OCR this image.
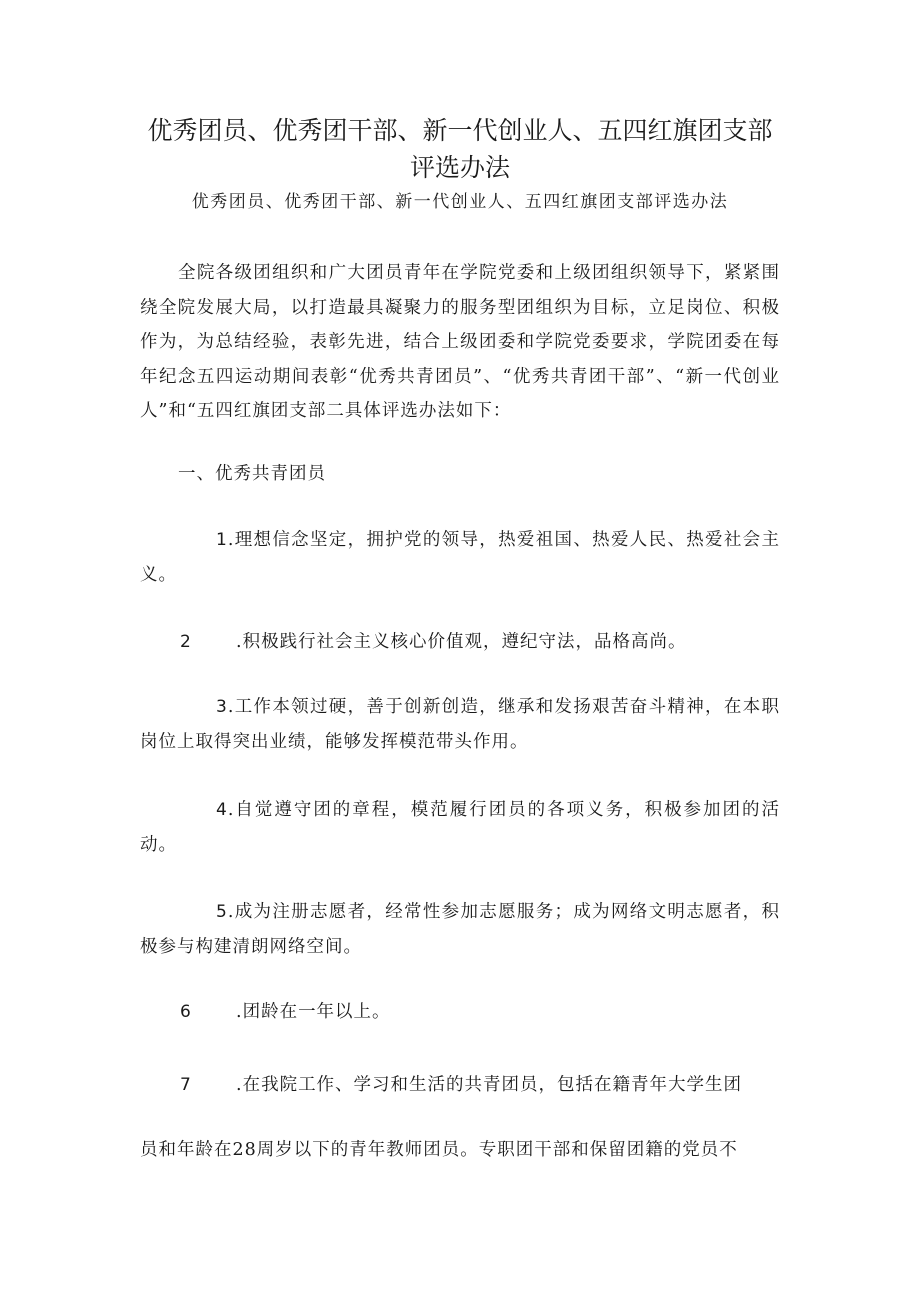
优秀团员、优秀团干部、新一代创业人、五四红旗团支部评选办法

优秀团员、优秀团干部、新一代创业人、五四红旗团支部评选办法

全院各级团组织和广大团员青年在学院党委和上级团组织领导下，紧紧围绕全院发展大局，以打造最具凝聚力的服务型团组织为目标，立足岗位、积极作为，为总结经验，表彰先进，结合上级团委和学院党委要求，学院团委在每年纪念五四运动期间表彰“优秀共青团员”、“优秀共青团干部”、“新一代创业人”和“五四红旗团支部二具体评选办法如下：

一、优秀共青团员

1.理想信念坚定，拥护党的领导，热爱祖国、热爱人民、热爱社会主义。

2	.积极践行社会主义核心价值观，遵纪守法，品格高尚。

3.工作本领过硬，善于创新创造，继承和发扬艰苦奋斗精神，在本职岗位上取得突出业绩，能够发挥模范带头作用。

4.自觉遵守团的章程，模范履行团员的各项义务，积极参加团的活动。

5.成为注册志愿者，经常性参加志愿服务；成为网络文明志愿者，积极参与构建清朗网络空间。

6	.团龄在一年以上。

7	.在我院工作、学习和生活的共青团员，包括在籍青年大学生团

员和年龄在28周岁以下的青年教师团员。专职团干部和保留团籍的党员不
